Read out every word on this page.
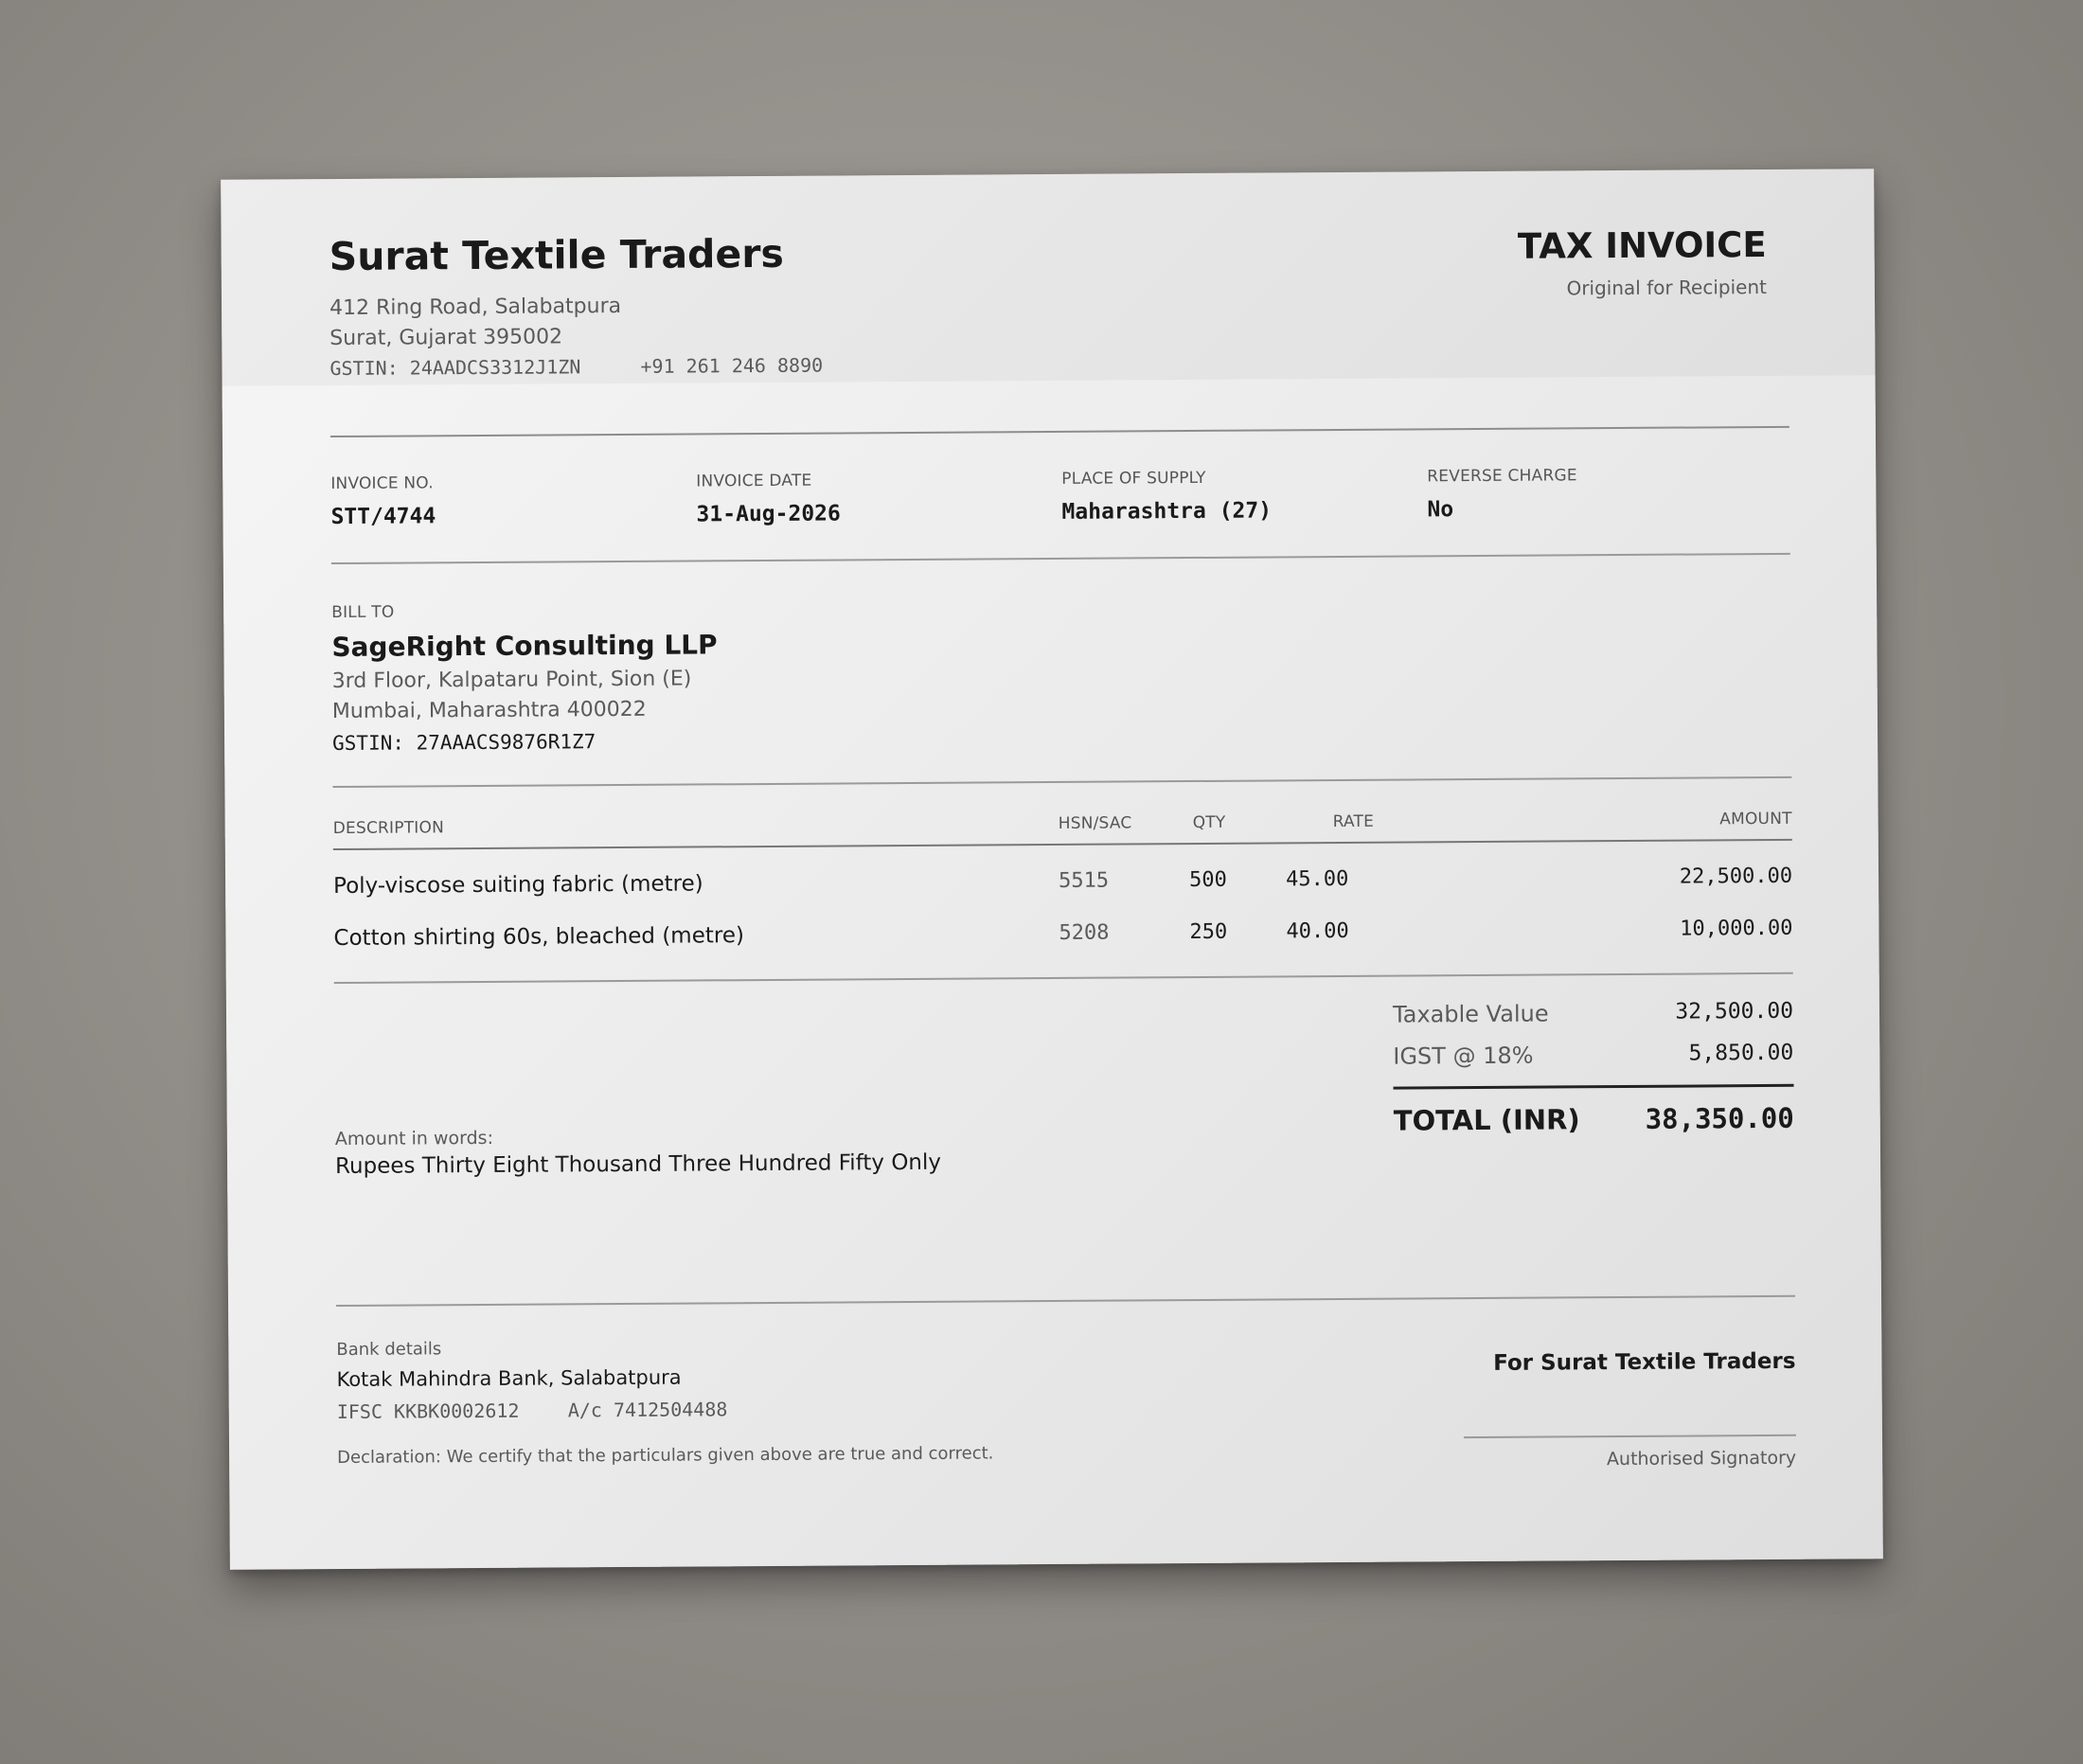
Surat Textile Traders
412 Ring Road, Salabatpura
Surat, Gujarat 395002
GSTIN: 24AADCS3312J1ZN	+91 261 246 8890
TAX INVOICE
Original for Recipient
INVOICE NO.
STT/4744
INVOICE DATE
31-Aug-2026
PLACE OF SUPPLY
Maharashtra (27)
REVERSE CHARGE
No
BILL TO
SageRight Consulting LLP
3rd Floor, Kalpataru Point, Sion (E)
Mumbai, Maharashtra 400022
GSTIN: 27AAACS9876R1Z7
DESCRIPTION	HSN/SAC	QTY	RATE	AMOUNT
Poly-viscose suiting fabric (metre)	5515	500	45.00	22,500.00
Cotton shirting 60s, bleached (metre)	5208	250	40.00	10,000.00
Taxable Value	32,500.00
IGST @ 18%	5,850.00
TOTAL (INR) 38,350.00
Amount in words:
Rupees Thirty Eight Thousand Three Hundred Fifty Only
Bank details
Kotak Mahindra Bank, Salabatpura
IFSC KKBK0002612	A/c 7412504488
Declaration: We certify that the particulars given above are true and correct.
For Surat Textile Traders
Authorised Signatory
